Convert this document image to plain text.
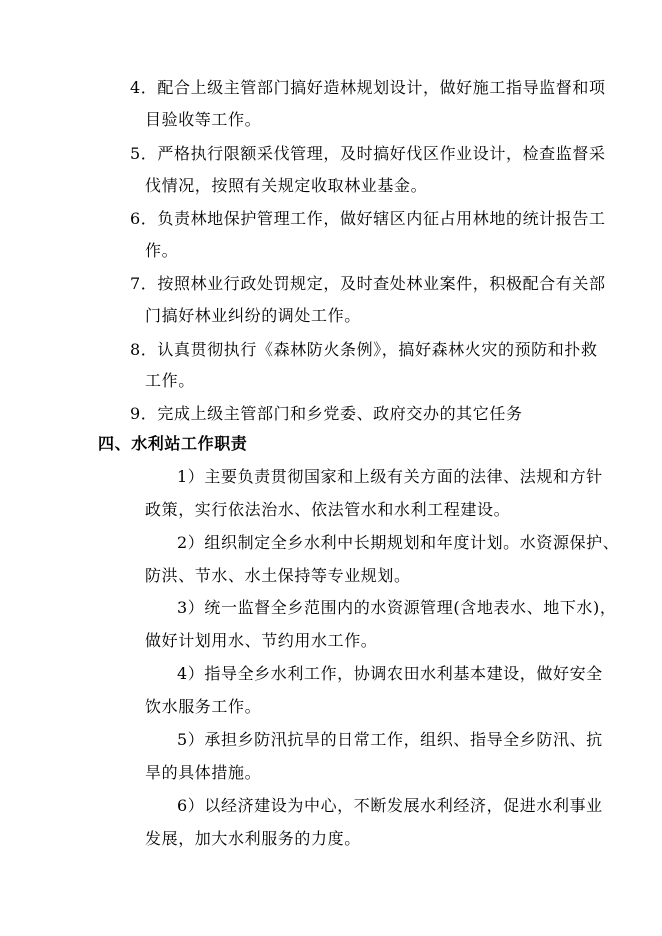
4．配合上级主管部门搞好造林规划设计，做好施工指导监督和项
目验收等工作。
5．严格执行限额采伐管理，及时搞好伐区作业设计，检查监督采
伐情况，按照有关规定收取林业基金。
6．负责林地保护管理工作，做好辖区内征占用林地的统计报告工
作。
7．按照林业行政处罚规定，及时查处林业案件，积极配合有关部
门搞好林业纠纷的调处工作。
8．认真贯彻执行《森林防火条例》，搞好森林火灾的预防和扑救
工作。
9．完成上级主管部门和乡党委、政府交办的其它任务
四、水利站工作职责
1）主要负责贯彻国家和上级有关方面的法律、法规和方针
政策，实行依法治水、依法管水和水利工程建设。
2）组织制定全乡水利中长期规划和年度计划。水资源保护、
防洪、节水、水土保持等专业规划。
3）统一监督全乡范围内的水资源管理(含地表水、地下水)，
做好计划用水、节约用水工作。
4）指导全乡水利工作，协调农田水利基本建设，做好安全
饮水服务工作。
5）承担乡防汛抗旱的日常工作，组织、指导全乡防汛、抗
旱的具体措施。
6）以经济建设为中心，不断发展水利经济，促进水利事业
发展，加大水利服务的力度。
